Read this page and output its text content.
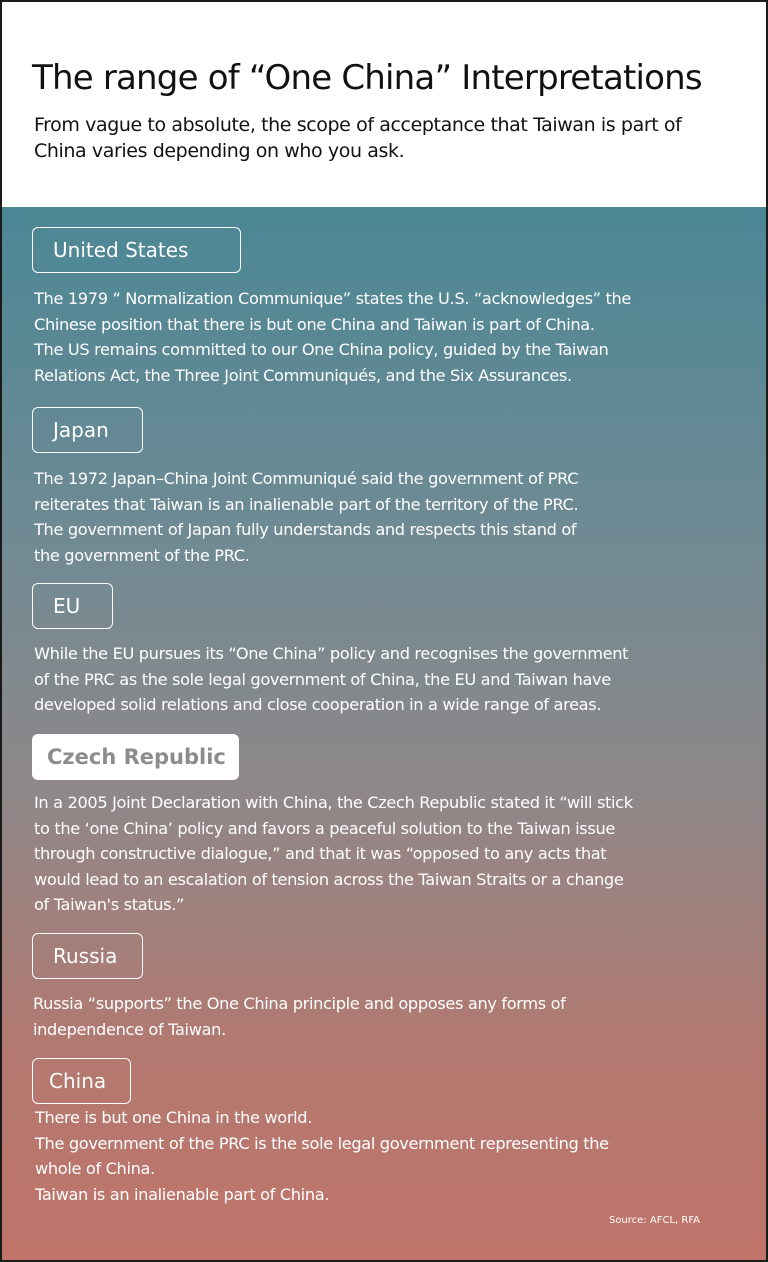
The range of “One China” Interpretations

From vague to absolute, the scope of acceptance that Taiwan is part of China varies depending on who you ask.

United States
The 1979 “ Normalization Communique” states the U.S. “acknowledges” the
Chinese position that there is but one China and Taiwan is part of China.
The US remains committed to our One China policy, guided by the Taiwan
Relations Act, the Three Joint Communiqués, and the Six Assurances.
Japan
The 1972 Japan–China Joint Communiqué said the government of PRC
reiterates that Taiwan is an inalienable part of the territory of the PRC.
The government of Japan fully understands and respects this stand of
the government of the PRC.
EU
While the EU pursues its “One China” policy and recognises the government
of the PRC as the sole legal government of China, the EU and Taiwan have
developed solid relations and close cooperation in a wide range of areas.
Czech Republic
In a 2005 Joint Declaration with China, the Czech Republic stated it “will stick
to the ‘one China’ policy and favors a peaceful solution to the Taiwan issue
through constructive dialogue,” and that it was “opposed to any acts that
would lead to an escalation of tension across the Taiwan Straits or a change
of Taiwan's status.”
Russia
Russia “supports” the One China principle and opposes any forms of
independence of Taiwan.
China
There is but one China in the world.
The government of the PRC is the sole legal government representing the
whole of China.
Taiwan is an inalienable part of China.
Source: AFCL, RFA
